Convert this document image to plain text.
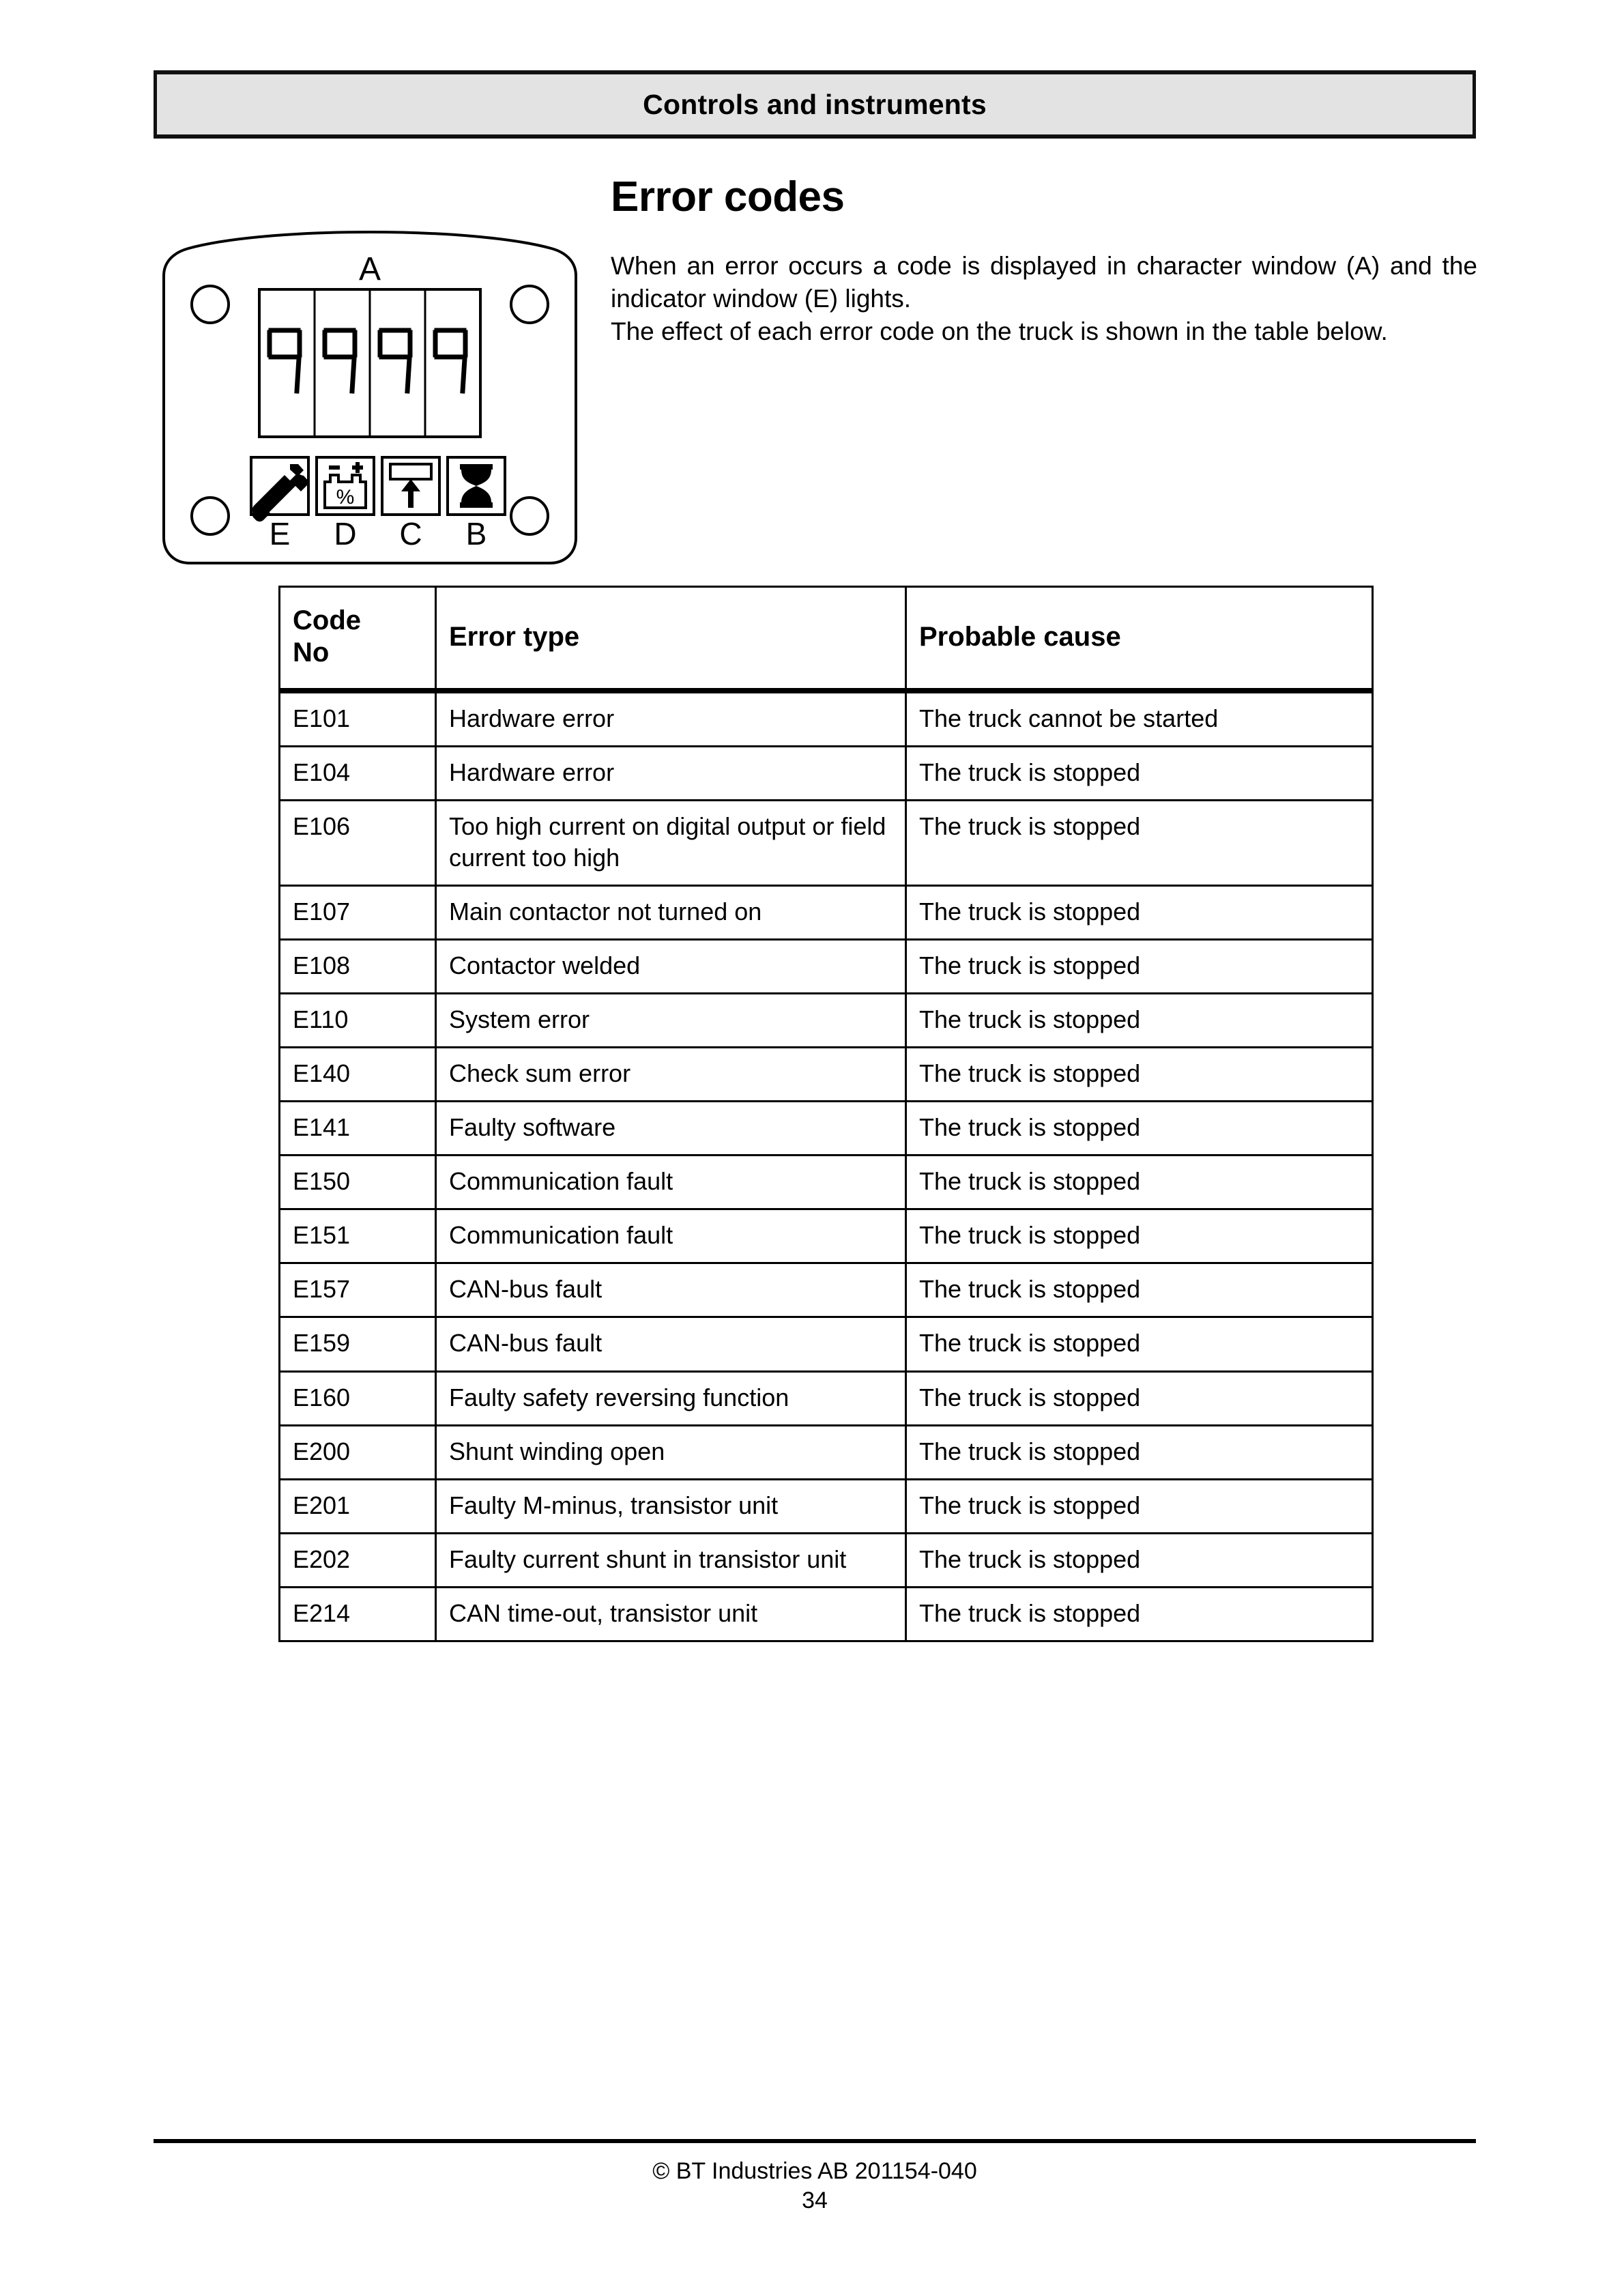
Controls and instruments
A
%
E D C B
Error codes

When an error occurs a code is displayed in character window (A) and the indicator window (E) lights.

The effect of each error code on the truck is shown in the table below.

Code
No	Error type	Probable cause
E101	Hardware error	The truck cannot be started
E104	Hardware error	The truck is stopped
E106	Too high current on digital output or field current too high	The truck is stopped
E107	Main contactor not turned on	The truck is stopped
E108	Contactor welded	The truck is stopped
E110	System error	The truck is stopped
E140	Check sum error	The truck is stopped
E141	Faulty software	The truck is stopped
E150	Communication fault	The truck is stopped
E151	Communication fault	The truck is stopped
E157	CAN-bus fault	The truck is stopped
E159	CAN-bus fault	The truck is stopped
E160	Faulty safety reversing function	The truck is stopped
E200	Shunt winding open	The truck is stopped
E201	Faulty M-minus, transistor unit	The truck is stopped
E202	Faulty current shunt in transistor unit	The truck is stopped
E214	CAN time-out, transistor unit	The truck is stopped
© BT Industries AB 201154-040
34
